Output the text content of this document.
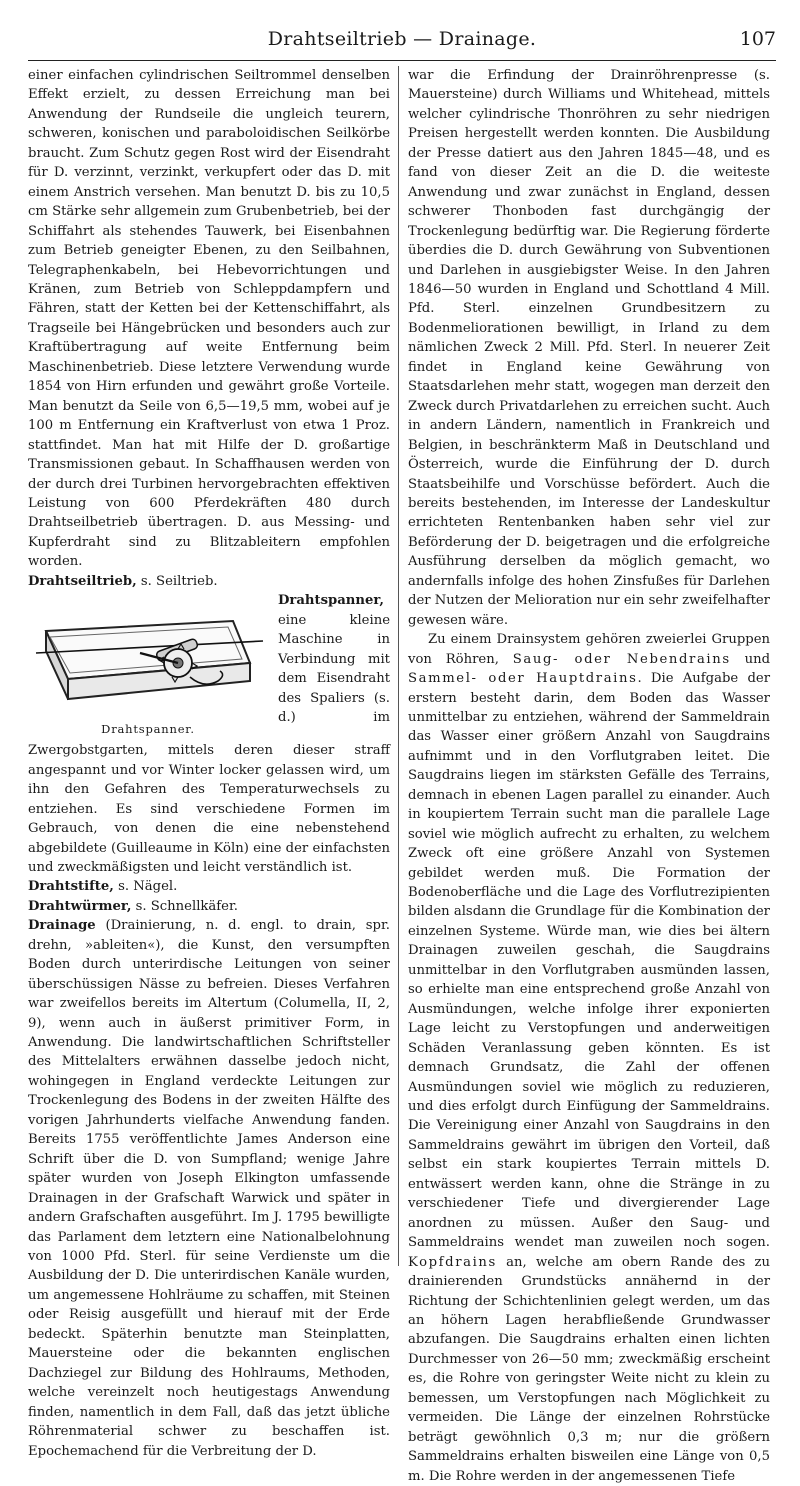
Drahtseiltrieb — Drainage.	107

einer einfachen cylindrischen Seiltrommel denselben Effekt erzielt, zu dessen Erreichung man bei Anwendung der Rundseile die ungleich teurern, schweren, konischen und paraboloidischen Seilkörbe braucht. Zum Schutz gegen Rost wird der Eisendraht für D. verzinnt, verzinkt, verkupfert oder das D. mit einem Anstrich versehen. Man benutzt D. bis zu 10,5 cm Stärke sehr allgemein zum Grubenbetrieb, bei der Schiffahrt als stehendes Tauwerk, bei Eisenbahnen zum Betrieb geneigter Ebenen, zu den Seilbahnen, Telegraphenkabeln, bei Hebevorrichtungen und Kränen, zum Betrieb von Schleppdampfern und Fähren, statt der Ketten bei der Kettenschiffahrt, als Tragseile bei Hängebrücken und besonders auch zur Kraftübertragung auf weite Entfernung beim Maschinenbetrieb. Diese letztere Verwendung wurde 1854 von Hirn erfunden und gewährt große Vorteile. Man benutzt da Seile von 6,5—19,5 mm, wobei auf je 100 m Entfernung ein Kraftverlust von etwa 1 Proz. stattfindet. Man hat mit Hilfe der D. großartige Transmissionen gebaut. In Schaffhausen werden von der durch drei Turbinen hervorgebrachten effektiven Leistung von 600 Pferdekräften 480 durch Drahtseilbetrieb übertragen. D. aus Messing- und Kupferdraht sind zu Blitzableitern empfohlen worden.

Drahtseiltrieb, s. Seiltrieb.

Drahtspanner,
Drahtspanner.
eine kleine Maschine in Verbindung mit dem Eisendraht des Spaliers (s. d.) im Zwergobstgarten, mittels deren dieser straff angespannt und vor Winter locker gelassen wird, um ihn den Gefahren des Temperaturwechsels zu entziehen. Es sind verschiedene Formen im Gebrauch, von denen die eine nebenstehend abgebildete (Guilleaume in Köln) eine der einfachsten und zweckmäßigsten und leicht verständlich ist.

Drahtstifte, s. Nägel.

Drahtwürmer, s. Schnellkäfer.

Drainage (Drainierung, n. d. engl. to drain, spr. drehn, »ableiten«), die Kunst, den versumpften Boden durch unterirdische Leitungen von seiner überschüssigen Nässe zu befreien. Dieses Verfahren war zweifellos bereits im Altertum (Columella, II, 2, 9), wenn auch in äußerst primitiver Form, in Anwendung. Die landwirtschaftlichen Schriftsteller des Mittelalters erwähnen dasselbe jedoch nicht, wohingegen in England verdeckte Leitungen zur Trockenlegung des Bodens in der zweiten Hälfte des vorigen Jahrhunderts vielfache Anwendung fanden. Bereits 1755 veröffentlichte James Anderson eine Schrift über die D. von Sumpfland; wenige Jahre später wurden von Joseph Elkington umfassende Drainagen in der Grafschaft Warwick und später in andern Grafschaften ausgeführt. Im J. 1795 bewilligte das Parlament dem letztern eine Nationalbelohnung von 1000 Pfd. Sterl. für seine Verdienste um die Ausbildung der D. Die unterirdischen Kanäle wurden, um angemessene Hohlräume zu schaffen, mit Steinen oder Reisig ausgefüllt und hierauf mit der Erde bedeckt. Späterhin benutzte man Steinplatten, Mauersteine oder die bekannten englischen Dachziegel zur Bildung des Hohlraums, Methoden, welche vereinzelt noch heutigestags Anwendung finden, namentlich in dem Fall, daß das jetzt übliche Röhrenmaterial schwer zu beschaffen ist. Epochemachend für die Verbreitung der D.

war die Erfindung der Drainröhrenpresse (s. Mauersteine) durch Williams und Whitehead, mittels welcher cylindrische Thonröhren zu sehr niedrigen Preisen hergestellt werden konnten. Die Ausbildung der Presse datiert aus den Jahren 1845—48, und es fand von dieser Zeit an die D. die weiteste Anwendung und zwar zunächst in England, dessen schwerer Thonboden fast durchgängig der Trockenlegung bedürftig war. Die Regierung förderte überdies die D. durch Gewährung von Subventionen und Darlehen in ausgiebigster Weise. In den Jahren 1846—50 wurden in England und Schottland 4 Mill. Pfd. Sterl. einzelnen Grundbesitzern zu Bodenmeliorationen bewilligt, in Irland zu dem nämlichen Zweck 2 Mill. Pfd. Sterl. In neuerer Zeit findet in England keine Gewährung von Staatsdarlehen mehr statt, wogegen man derzeit den Zweck durch Privatdarlehen zu erreichen sucht. Auch in andern Ländern, namentlich in Frankreich und Belgien, in beschränkterm Maß in Deutschland und Österreich, wurde die Einführung der D. durch Staatsbeihilfe und Vorschüsse befördert. Auch die bereits bestehenden, im Interesse der Landeskultur errichteten Rentenbanken haben sehr viel zur Beförderung der D. beigetragen und die erfolgreiche Ausführung derselben da möglich gemacht, wo andernfalls infolge des hohen Zinsfußes für Darlehen der Nutzen der Melioration nur ein sehr zweifelhafter gewesen wäre.

Zu einem Drainsystem gehören zweierlei Gruppen von Röhren, Saug- oder Nebendrains und Sammel- oder Hauptdrains. Die Aufgabe der erstern besteht darin, dem Boden das Wasser unmittelbar zu entziehen, während der Sammeldrain das Wasser einer größern Anzahl von Saugdrains aufnimmt und in den Vorflutgraben leitet. Die Saugdrains liegen im stärksten Gefälle des Terrains, demnach in ebenen Lagen parallel zu einander. Auch in koupiertem Terrain sucht man die parallele Lage soviel wie möglich aufrecht zu erhalten, zu welchem Zweck oft eine größere Anzahl von Systemen gebildet werden muß. Die Formation der Bodenoberfläche und die Lage des Vorflutrezipienten bilden alsdann die Grundlage für die Kombination der einzelnen Systeme. Würde man, wie dies bei ältern Drainagen zuweilen geschah, die Saugdrains unmittelbar in den Vorflutgraben ausmünden lassen, so erhielte man eine entsprechend große Anzahl von Ausmündungen, welche infolge ihrer exponierten Lage leicht zu Verstopfungen und anderweitigen Schäden Veranlassung geben könnten. Es ist demnach Grundsatz, die Zahl der offenen Ausmündungen soviel wie möglich zu reduzieren, und dies erfolgt durch Einfügung der Sammeldrains. Die Vereinigung einer Anzahl von Saugdrains in den Sammeldrains gewährt im übrigen den Vorteil, daß selbst ein stark koupiertes Terrain mittels D. entwässert werden kann, ohne die Stränge in zu verschiedener Tiefe und divergierender Lage anordnen zu müssen. Außer den Saug- und Sammeldrains wendet man zuweilen noch sogen. Kopfdrains an, welche am obern Rande des zu drainierenden Grundstücks annähernd in der Richtung der Schichtenlinien gelegt werden, um das an höhern Lagen herabfließende Grundwasser abzufangen. Die Saugdrains erhalten einen lichten Durchmesser von 26—50 mm; zweckmäßig erscheint es, die Rohre von geringster Weite nicht zu klein zu bemessen, um Verstopfungen nach Möglichkeit zu vermeiden. Die Länge der einzelnen Rohrstücke beträgt gewöhnlich 0,3 m; nur die größern Sammeldrains erhalten bisweilen eine Länge von 0,5 m. Die Rohre werden in der angemessenen Tiefe
